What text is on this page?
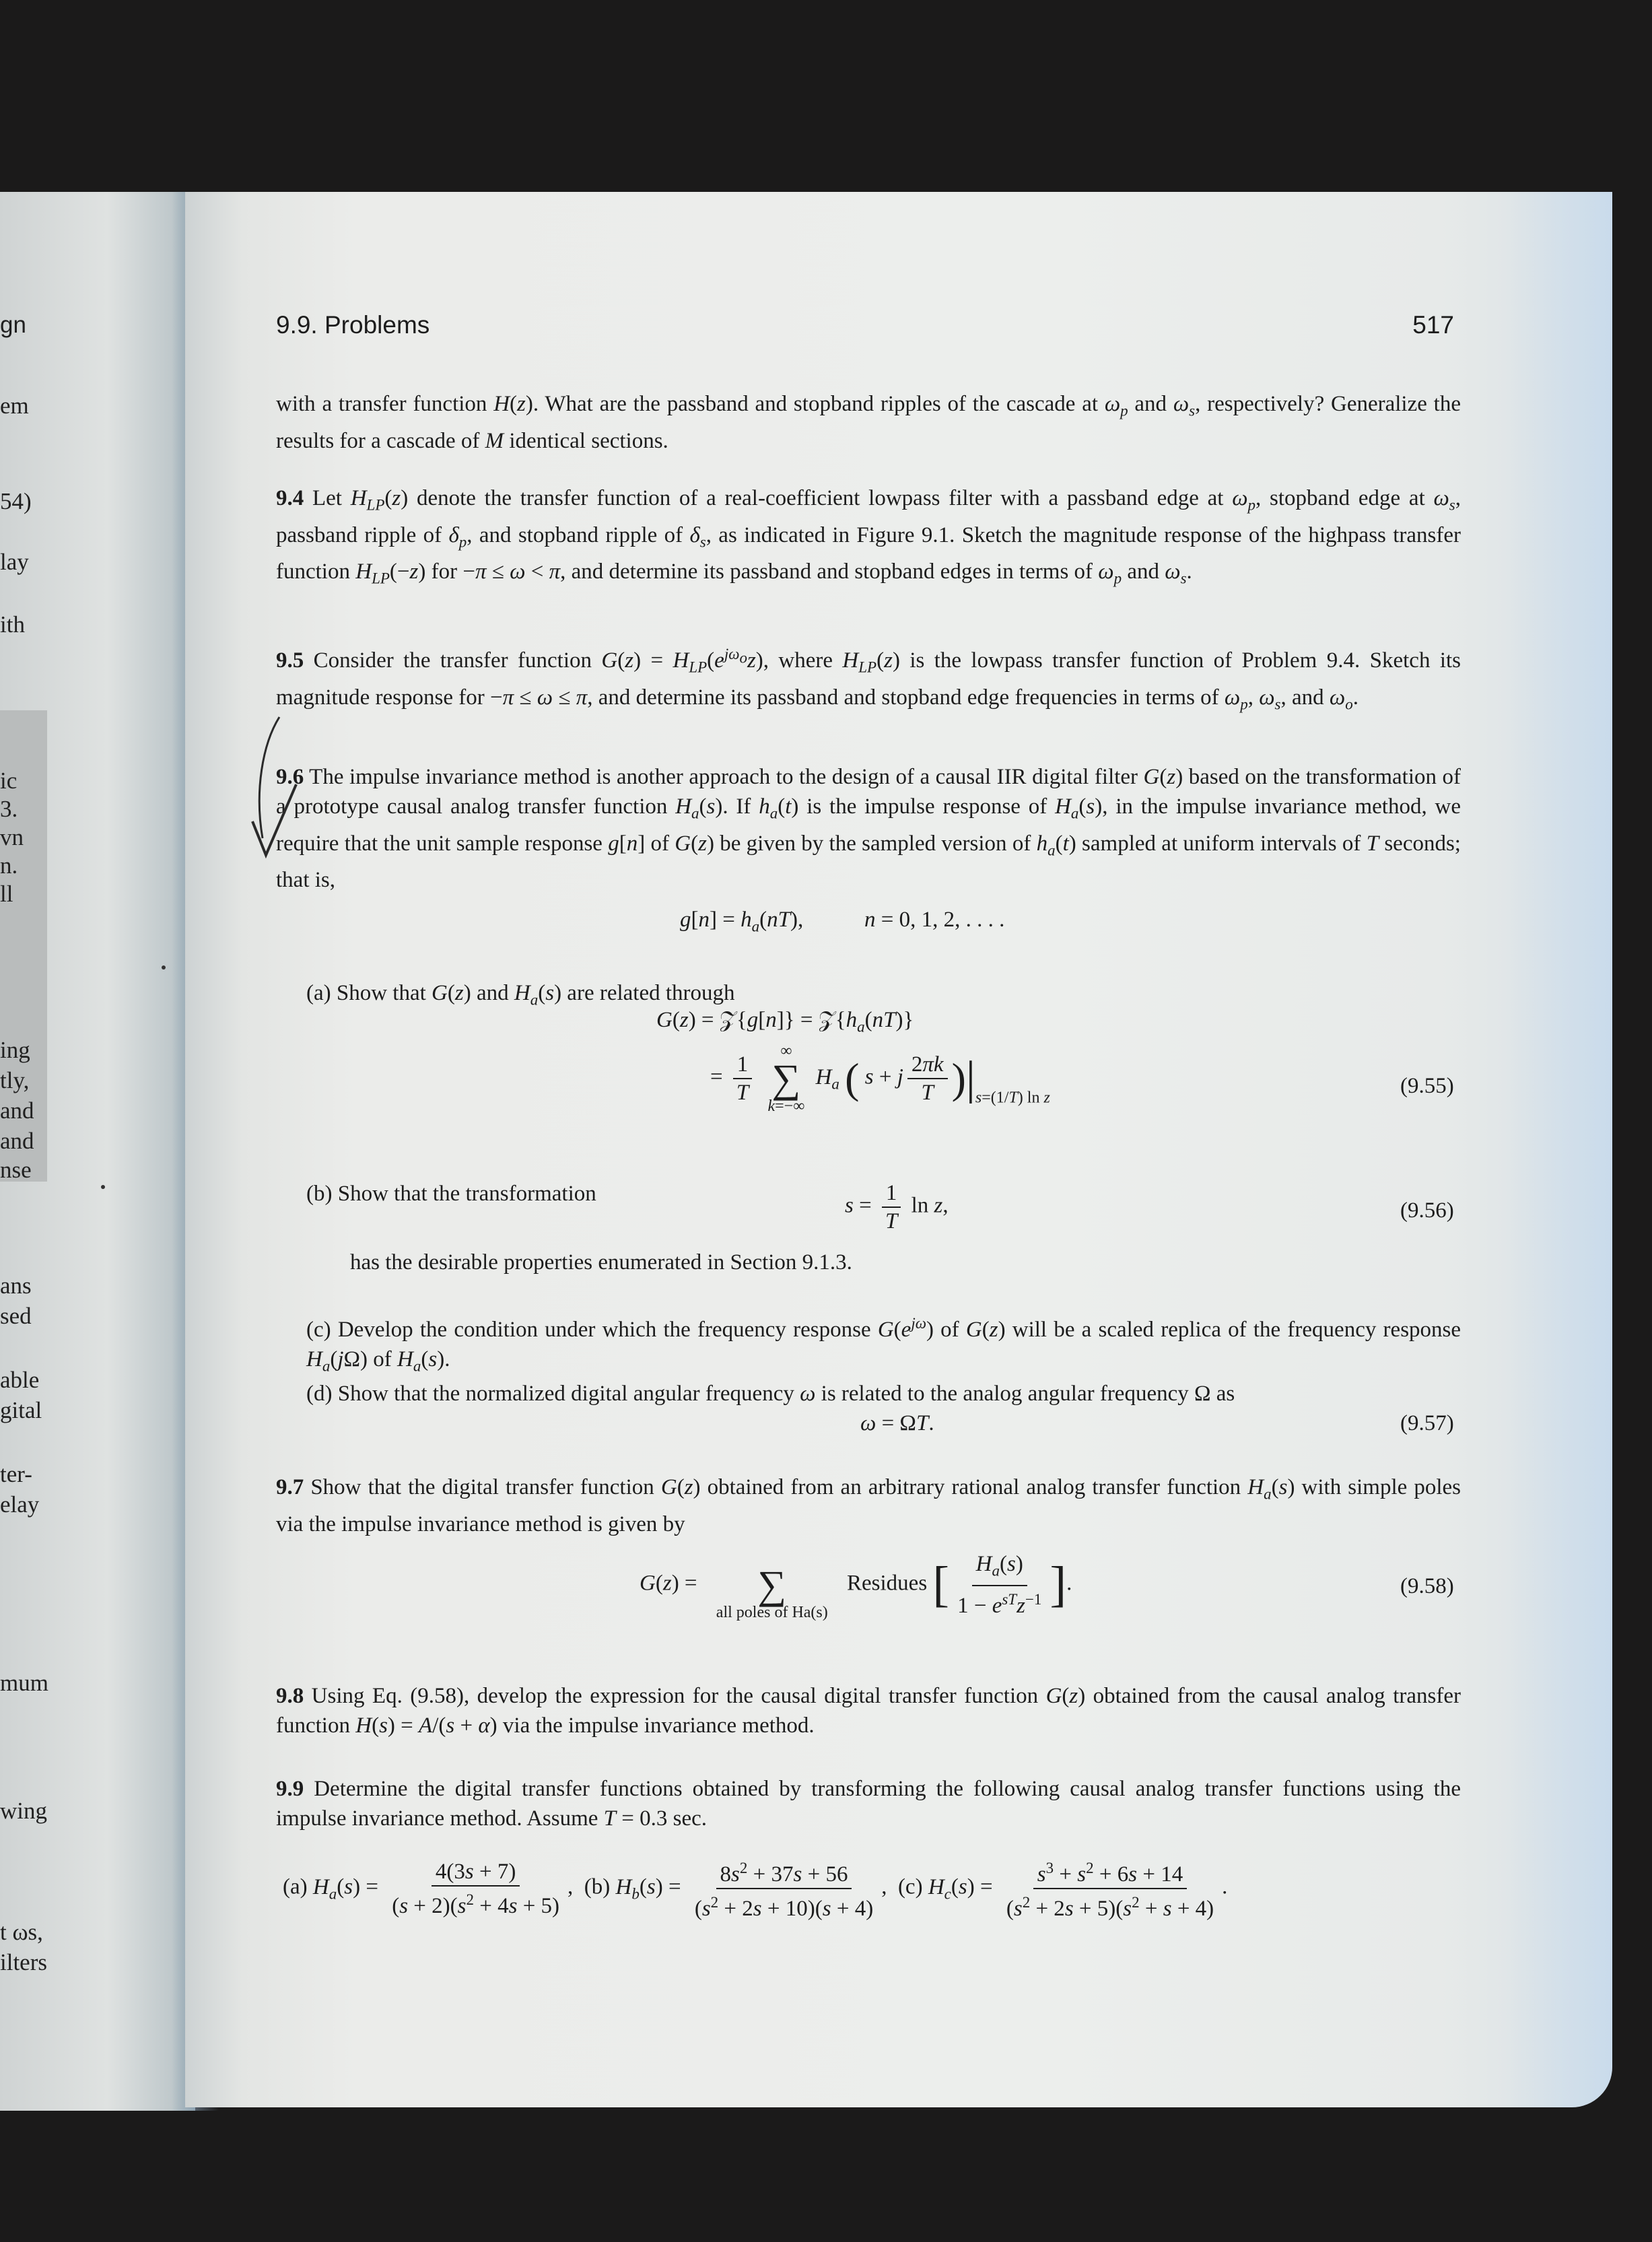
gn
em
54)
lay
ith
ic
3.
vn
n.
ll
ing
tly,
and
and
nse
ans
sed
able
gital
ter-
elay
mum
wing
t ωs,
ilters
9.9. Problems	517

with a transfer function H(z). What are the passband and stopband ripples of the cascade at $\omega_p$ and $\omega_s$, respectively? Generalize the results for a cascade of M identical sections.

9.4 Let $H_{LP}(z)$ denote the transfer function of a real-coefficient lowpass filter with a passband edge at $\omega_p$, stopband edge at $\omega_s$, passband ripple of $\delta_p$, and stopband ripple of $\delta_s$, as indicated in Figure 9.1. Sketch the magnitude response of the highpass transfer function $H_{LP}(-z)$ for −π ≤ ω < π, and determine its passband and stopband edges in terms of $\omega_p$ and $\omega_s$.

9.5 Consider the transfer function $G(z) = H_{LP}(e^{j\omega_o}z)$, where $H_{LP}(z)$ is the lowpass transfer function of Problem 9.4. Sketch its magnitude response for −π ≤ ω ≤ π, and determine its passband and stopband edge frequencies in terms of $\omega_p$, $\omega_s$, and $\omega_o$.

9.6 The impulse invariance method is another approach to the design of a causal IIR digital filter G(z) based on the transformation of a prototype causal analog transfer function $H_a(s)$. If $h_a(t)$ is the impulse response of $H_a(s)$, in the impulse invariance method, we require that the unit sample response g[n] of G(z) be given by the sampled version of $h_a(t)$ sampled at uniform intervals of T seconds; that is,

$g[n] = h_a(nT)$,           n = 0, 1, 2, . . . .

(a) Show that G(z) and $H_a(s)$ are related through

G(z) = 𝒵{g[n]} = $𝒵\{h_a(nT)\}$
= $\frac{1}{T}$
∞
∑
k=−∞
$H_a$ ( s + j $\frac{2\pi k}{T} )|_{s=(1/T) ln z}$	(9.55)

(b) Show that the transformation	$s = \frac{1}{T}$ ln z,	(9.56)
has the desirable properties enumerated in Section 9.1.3.

(c) Develop the condition under which the frequency response $G(e^{j\omega})$ of G(z) will be a scaled replica of the frequency response $H_a(j\Omega)$ of $H_a(s)$.

(d) Show that the normalized digital angular frequency ω is related to the analog angular frequency Ω as

ω = ΩT.	(9.57)

9.7 Show that the digital transfer function G(z) obtained from an arbitrary rational analog transfer function $H_a(s)$ with simple poles via the impulse invariance method is given by

G(z) =
∑
all poles of Ha(s)
Residues [ $\frac{H_a(s)}{1 - e^{sT}z^{-1}}$ ].	(9.58)

9.8 Using Eq. (9.58), develop the expression for the causal digital transfer function G(z) obtained from the causal analog transfer function H(s) = A/(s + α) via the impulse invariance method.

9.9 Determine the digital transfer functions obtained by transforming the following causal analog transfer functions using the impulse invariance method. Assume T = 0.3 sec.

(a) $H_a(s) = \frac{4(3s + 7)}{(s + 2)(s^2 + 4s + 5)}$ ,  (b) $H_b(s) = \frac{8s^2 + 37s + 56}{(s^2 + 2s + 10)(s + 4)}$ ,  (c) $H_c(s) = \frac{s^3 + s^2 + 6s + 14}{(s^2 + 2s + 5)(s^2 + s + 4)}$ .
